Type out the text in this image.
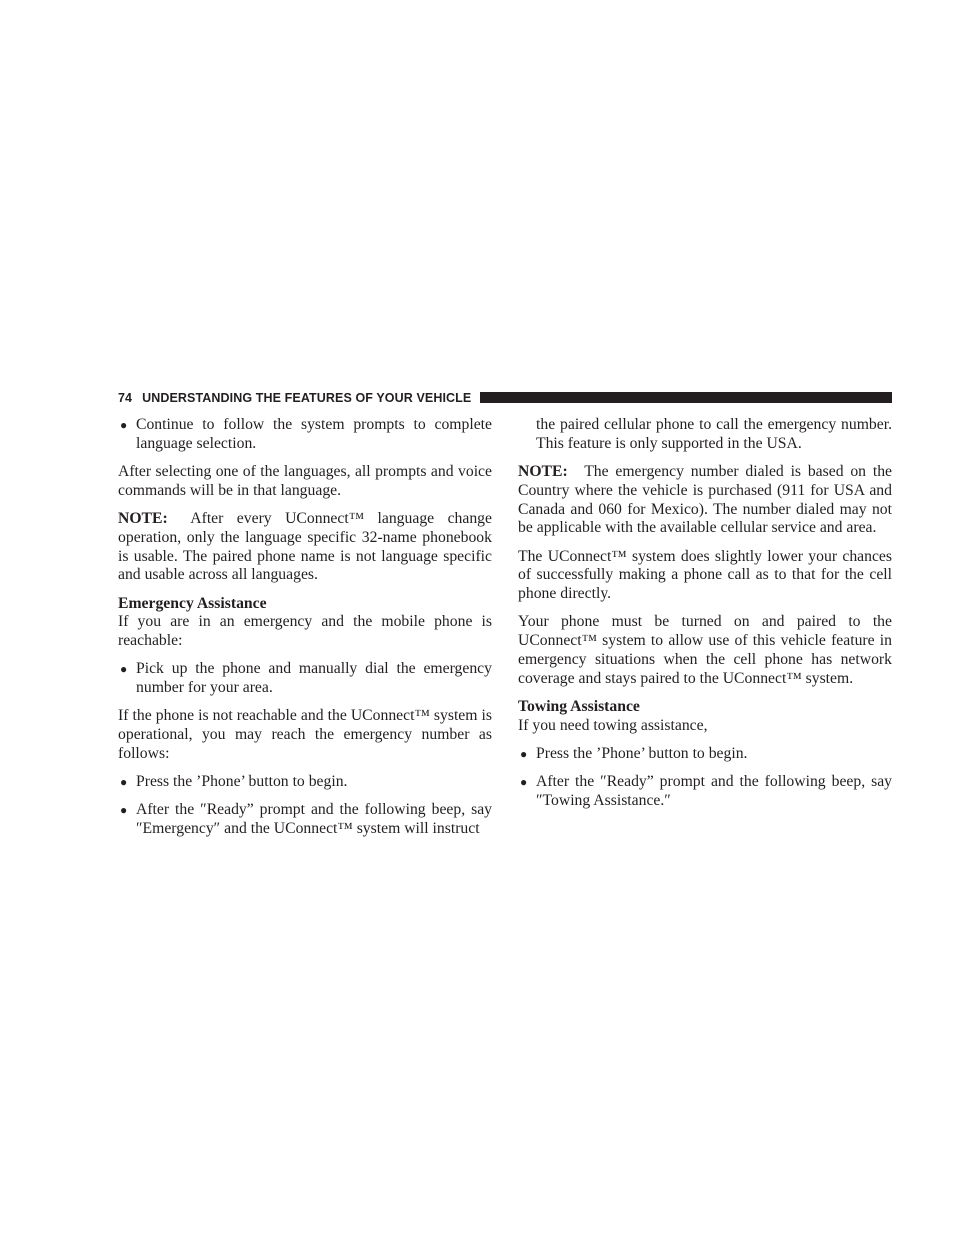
74 UNDERSTANDING THE FEATURES OF YOUR VEHICLE
● Continue to follow the system prompts to complete language selection.

After selecting one of the languages, all prompts and voice commands will be in that language.

NOTE: After every UConnect™ language change operation, only the language specific 32-name phonebook is usable. The paired phone name is not language specific and usable across all languages.

Emergency Assistance

If you are in an emergency and the mobile phone is reachable:

● Pick up the phone and manually dial the emergency number for your area.

If the phone is not reachable and the UConnect™ system is operational, you may reach the emergency number as follows:

● Press the ’Phone’ button to begin.
● After the ″Ready” prompt and the following beep, say ″Emergency″ and the UConnect™ system will instruct
the paired cellular phone to call the emergency number. This feature is only supported in the USA.

NOTE: The emergency number dialed is based on the Country where the vehicle is purchased (911 for USA and Canada and 060 for Mexico). The number dialed may not be applicable with the available cellular service and area.

The UConnect™ system does slightly lower your chances of successfully making a phone call as to that for the cell phone directly.

Your phone must be turned on and paired to the UConnect™ system to allow use of this vehicle feature in emergency situations when the cell phone has network coverage and stays paired to the UConnect™ system.

Towing Assistance

If you need towing assistance,

● Press the ’Phone’ button to begin.
● After the ″Ready” prompt and the following beep, say ″Towing Assistance.″
